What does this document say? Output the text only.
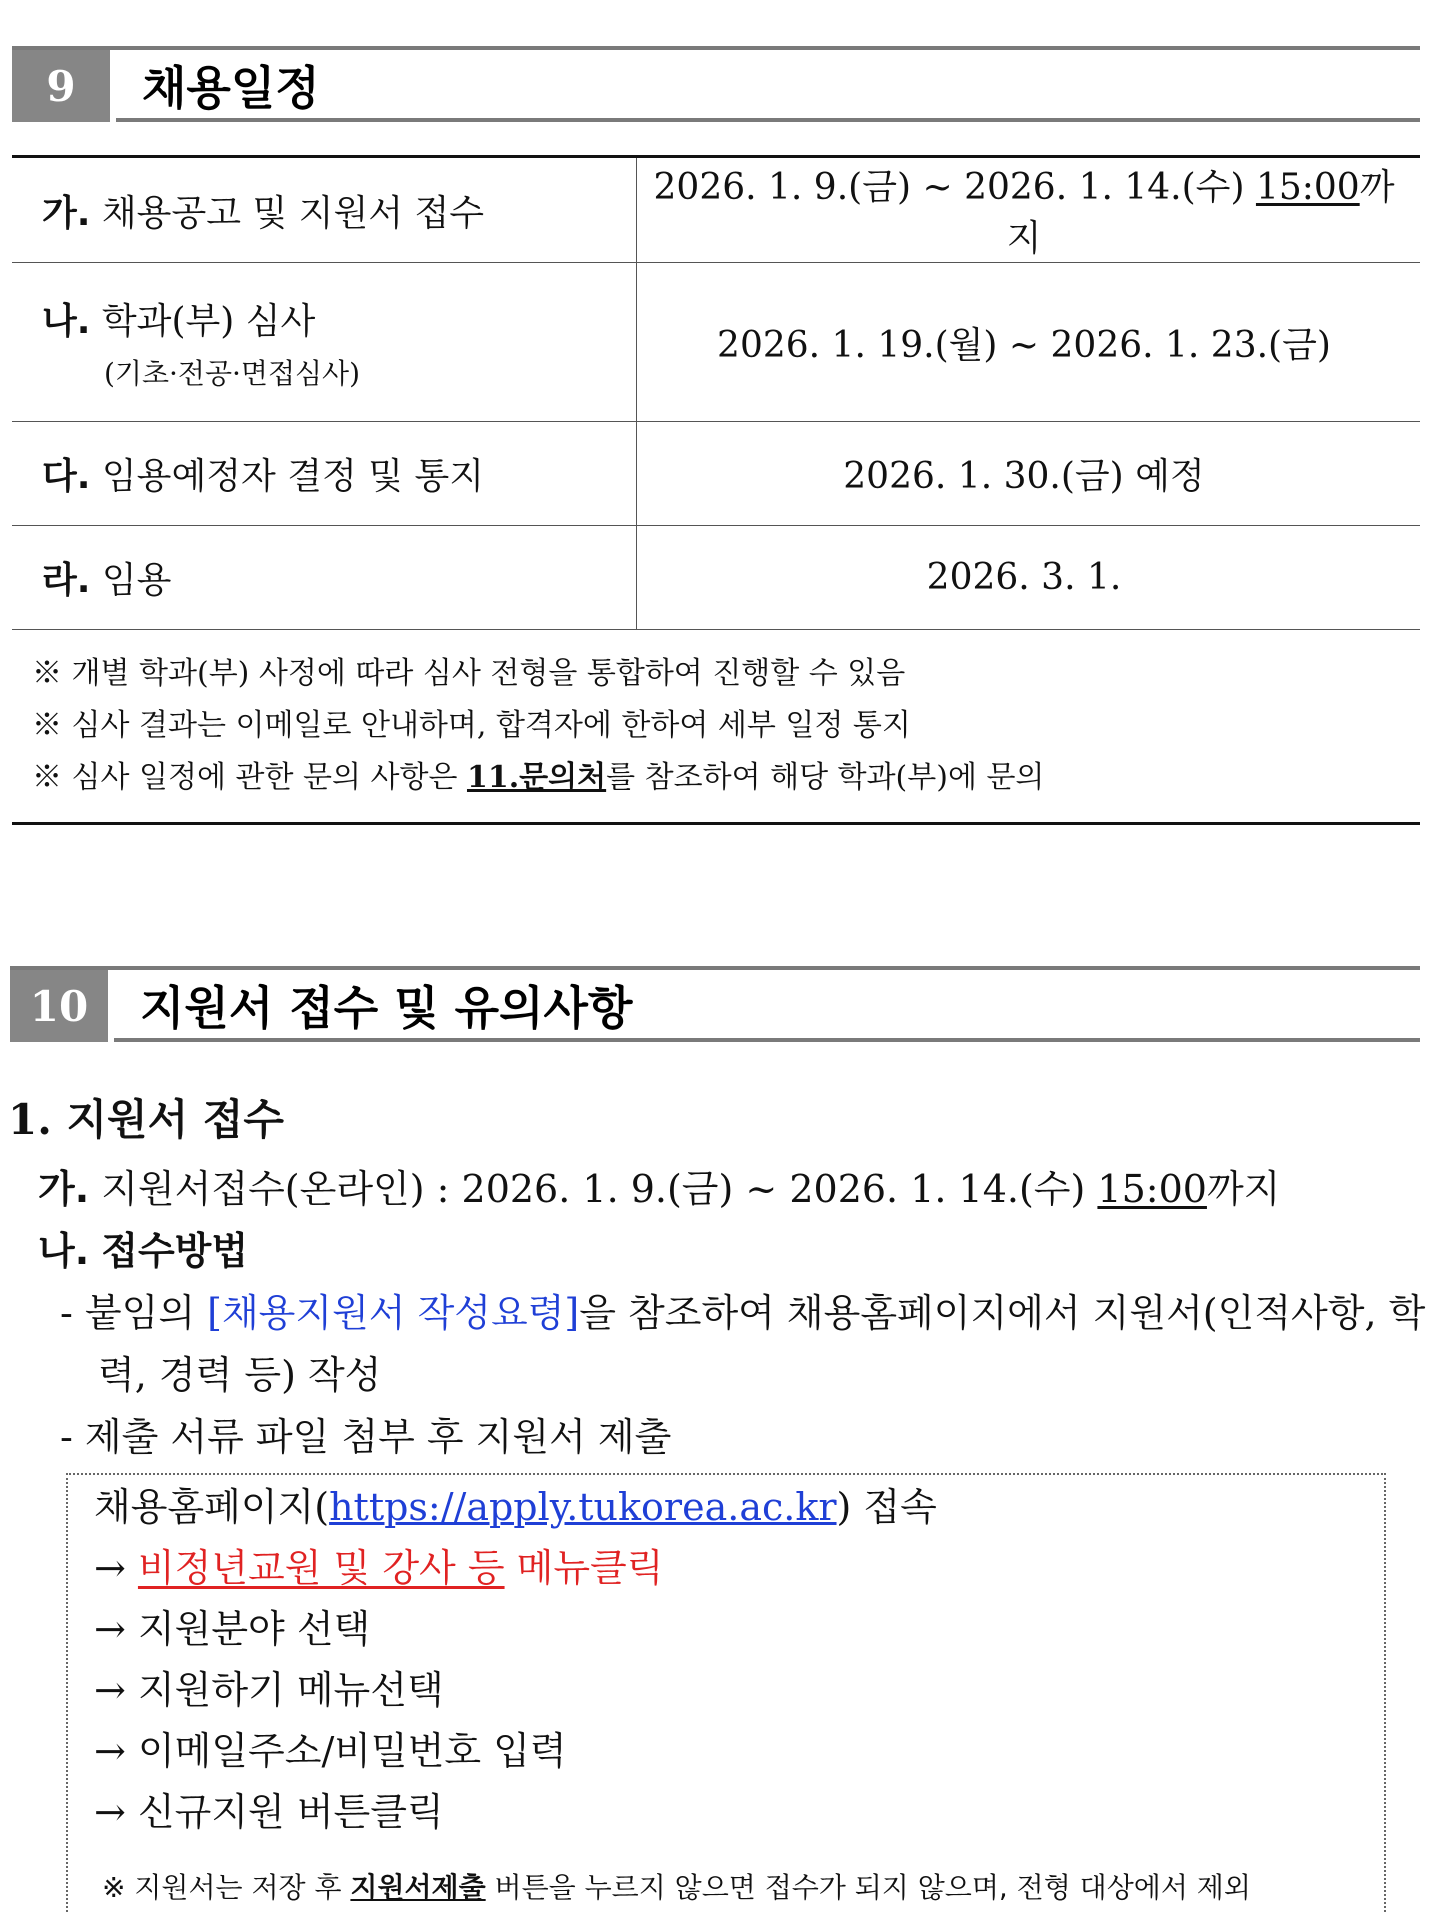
9	채용일정
가. 채용공고 및 지원서 접수	2026. 1. 9.(금) ~ 2026. 1. 14.(수) 15:00까지
나. 학과(부) 심사
(기초·전공·면접심사)	2026. 1. 19.(월) ~ 2026. 1. 23.(금)
다. 임용예정자 결정 및 통지	2026. 1. 30.(금) 예정
라. 임용	2026. 3. 1.
※ 개별 학과(부) 사정에 따라 심사 전형을 통합하여 진행할 수 있음
※ 심사 결과는 이메일로 안내하며, 합격자에 한하여 세부 일정 통지
※ 심사 일정에 관한 문의 사항은 11.문의처를 참조하여 해당 학과(부)에 문의
10	지원서 접수 및 유의사항
1. 지원서 접수
가. 지원서접수(온라인) : 2026. 1. 9.(금) ~ 2026. 1. 14.(수) 15:00까지
나. 접수방법
- 붙임의 [채용지원서 작성요령]을 참조하여 채용홈페이지에서 지원서(인적사항, 학력, 경력 등) 작성
- 제출 서류 파일 첨부 후 지원서 제출
채용홈페이지(https://apply.tukorea.ac.kr) 접속
→ 비정년교원 및 강사 등 메뉴클릭
→ 지원분야 선택
→ 지원하기 메뉴선택
→ 이메일주소/비밀번호 입력
→ 신규지원 버튼클릭
※ 지원서는 저장 후 지원서제출 버튼을 누르지 않으면 접수가 되지 않으며, 전형 대상에서 제외
